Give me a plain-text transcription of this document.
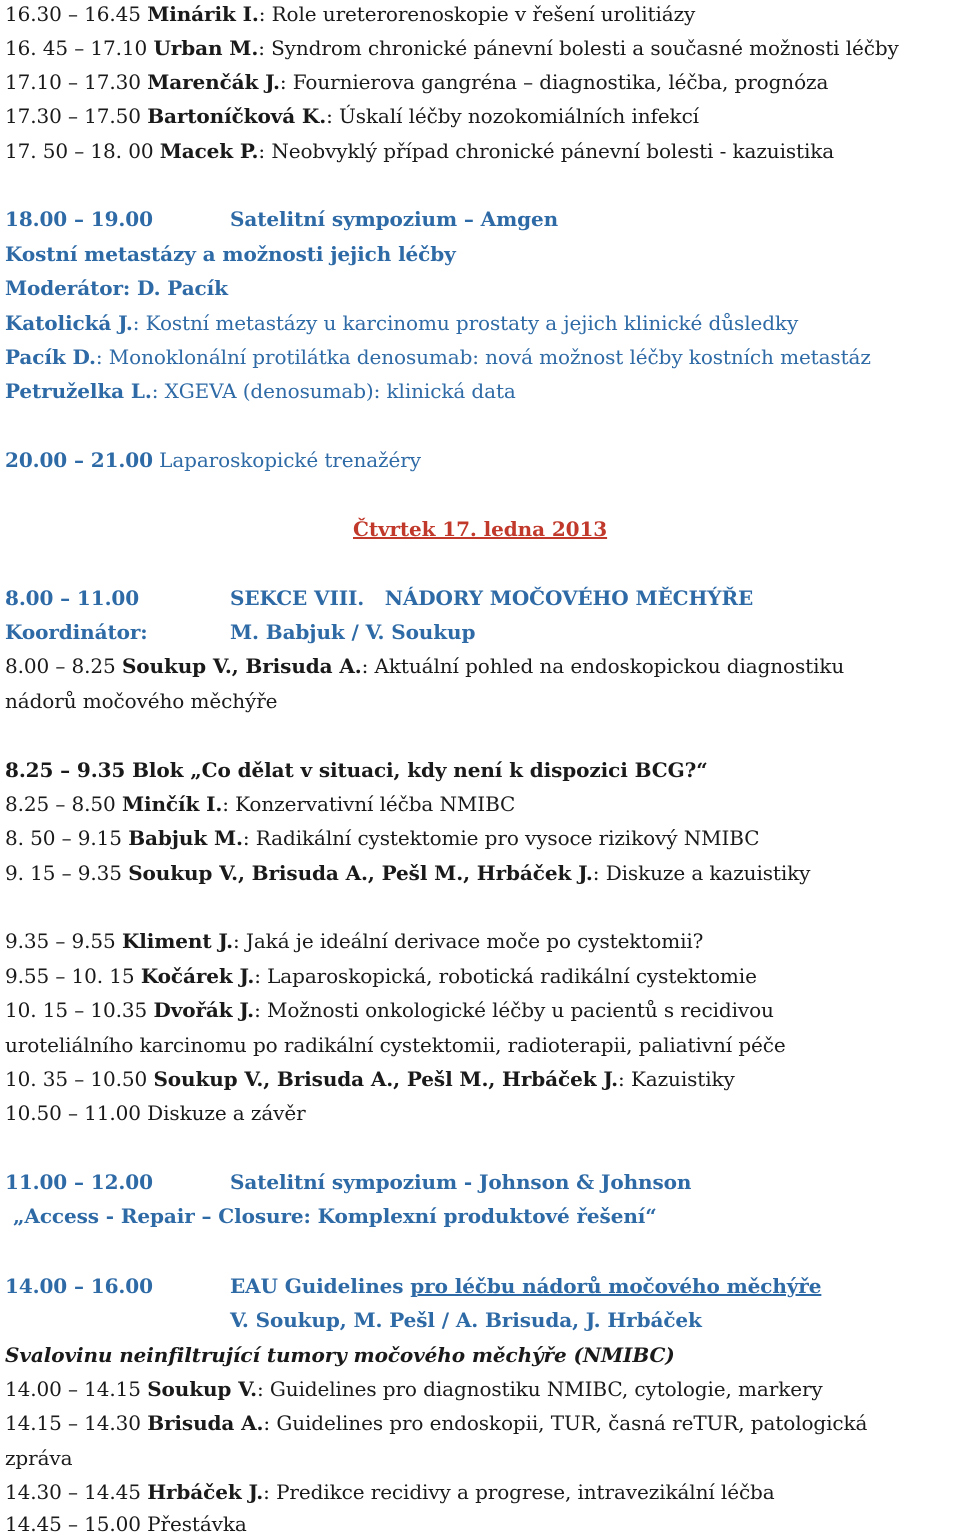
16.30 – 16.45 Minárik I.: Role ureterorenoskopie v řešení urolitiázy
16. 45 – 17.10 Urban M.: Syndrom chronické pánevní bolesti a současné možnosti léčby
17.10 – 17.30 Marenčák J.: Fournierova gangréna – diagnostika, léčba, prognóza
17.30 – 17.50 Bartoníčková K.: Úskalí léčby nozokomiálních infekcí
17. 50 – 18. 00 Macek P.: Neobvyklý případ chronické pánevní bolesti - kazuistika
18.00 – 19.00	Satelitní sympozium – Amgen
Kostní metastázy a možnosti jejich léčby
Moderátor: D. Pacík
Katolická J.: Kostní metastázy u karcinomu prostaty a jejich klinické důsledky
Pacík D.: Monoklonální protilátka denosumab: nová možnost léčby kostních metastáz
Petruželka L.: XGEVA (denosumab): klinická data
20.00 – 21.00 Laparoskopické trenažéry
Čtvrtek 17. ledna 2013
8.00 – 11.00	SEKCE VIII.   NÁDORY MOČOVÉHO MĚCHÝŘE
Koordinátor:	M. Babjuk / V. Soukup
8.00 – 8.25 Soukup V., Brisuda A.: Aktuální pohled na endoskopickou diagnostiku
nádorů močového měchýře
8.25 – 9.35 Blok „Co dělat v situaci, kdy není k dispozici BCG?“
8.25 – 8.50 Minčík I.: Konzervativní léčba NMIBC
8. 50 – 9.15 Babjuk M.: Radikální cystektomie pro vysoce rizikový NMIBC
9. 15 – 9.35 Soukup V., Brisuda A., Pešl M., Hrbáček J.: Diskuze a kazuistiky
9.35 – 9.55 Kliment J.: Jaká je ideální derivace moče po cystektomii?
9.55 – 10. 15 Kočárek J.: Laparoskopická, robotická radikální cystektomie
10. 15 – 10.35 Dvořák J.: Možnosti onkologické léčby u pacientů s recidivou
uroteliálního karcinomu po radikální cystektomii, radioterapii, paliativní péče
10. 35 – 10.50 Soukup V., Brisuda A., Pešl M., Hrbáček J.: Kazuistiky
10.50 – 11.00 Diskuze a závěr
11.00 – 12.00	Satelitní sympozium - Johnson & Johnson
„Access - Repair – Closure: Komplexní produktové řešení“
14.00 – 16.00	EAU Guidelines pro léčbu nádorů močového měchýře
V. Soukup, M. Pešl / A. Brisuda, J. Hrbáček
Svalovinu neinfiltrující tumory močového měchýře (NMIBC)
14.00 – 14.15 Soukup V.: Guidelines pro diagnostiku NMIBC, cytologie, markery
14.15 – 14.30 Brisuda A.: Guidelines pro endoskopii, TUR, časná reTUR, patologická
zpráva
14.30 – 14.45 Hrbáček J.: Predikce recidivy a progrese, intravezikální léčba
14.45 – 15.00 Přestávka
